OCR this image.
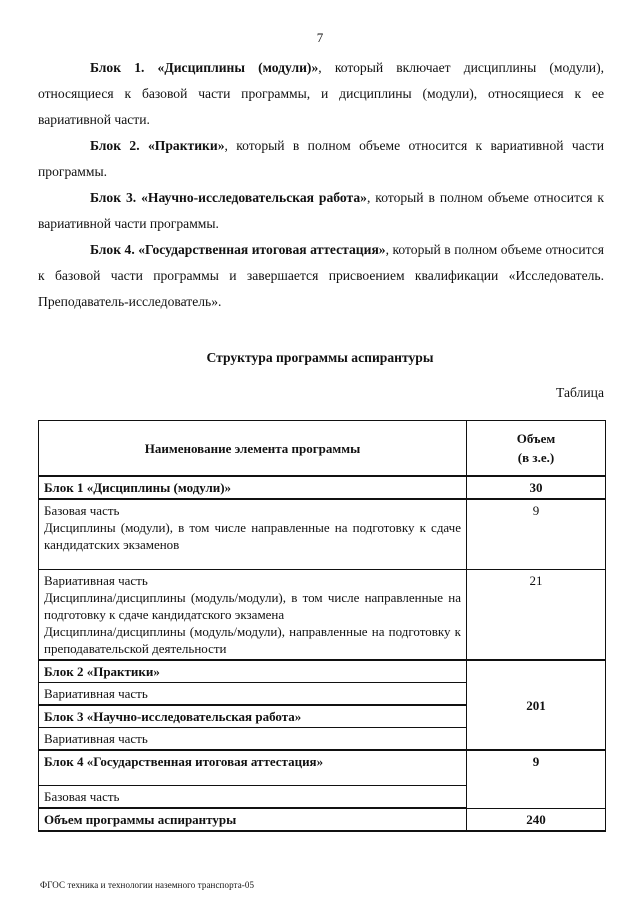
7

Блок 1. «Дисциплины (модули)», который включает дисциплины (модули), относящиеся к базовой части программы, и дисциплины (модули), относящиеся к ее вариативной части.

Блок 2. «Практики», который в полном объеме относится к вариативной части программы.

Блок 3. «Научно-исследовательская работа», который в полном объеме относится к вариативной части программы.

Блок 4. «Государственная итоговая аттестация», который в полном объеме относится к базовой части программы и завершается присвоением квалификации «Исследователь. Преподаватель-исследователь».

Структура программы аспирантуры
Таблица
Наименование элемента программы	Объем
(в з.е.)
Блок 1 «Дисциплины (модули)»	30

Базовая часть
Дисциплины (модули), в том числе направленные на подготовку к сдаче кандидатских экзаменов	9

Вариативная часть
Дисциплина/дисциплины (модуль/модули), в том числе направленные на подготовку к сдаче кандидатского экзамена
Дисциплина/дисциплины (модуль/модули), направленные на подготовку к преподавательской деятельности	21
Блок 2 «Практики»	201
Вариативная часть	
Блок 3 «Научно-исследовательская работа»	
Вариативная часть	
Блок 4 «Государственная итоговая аттестация»	9
Базовая часть	
Объем программы аспирантуры	240
ФГОС техника и технологии наземного транспорта-05
